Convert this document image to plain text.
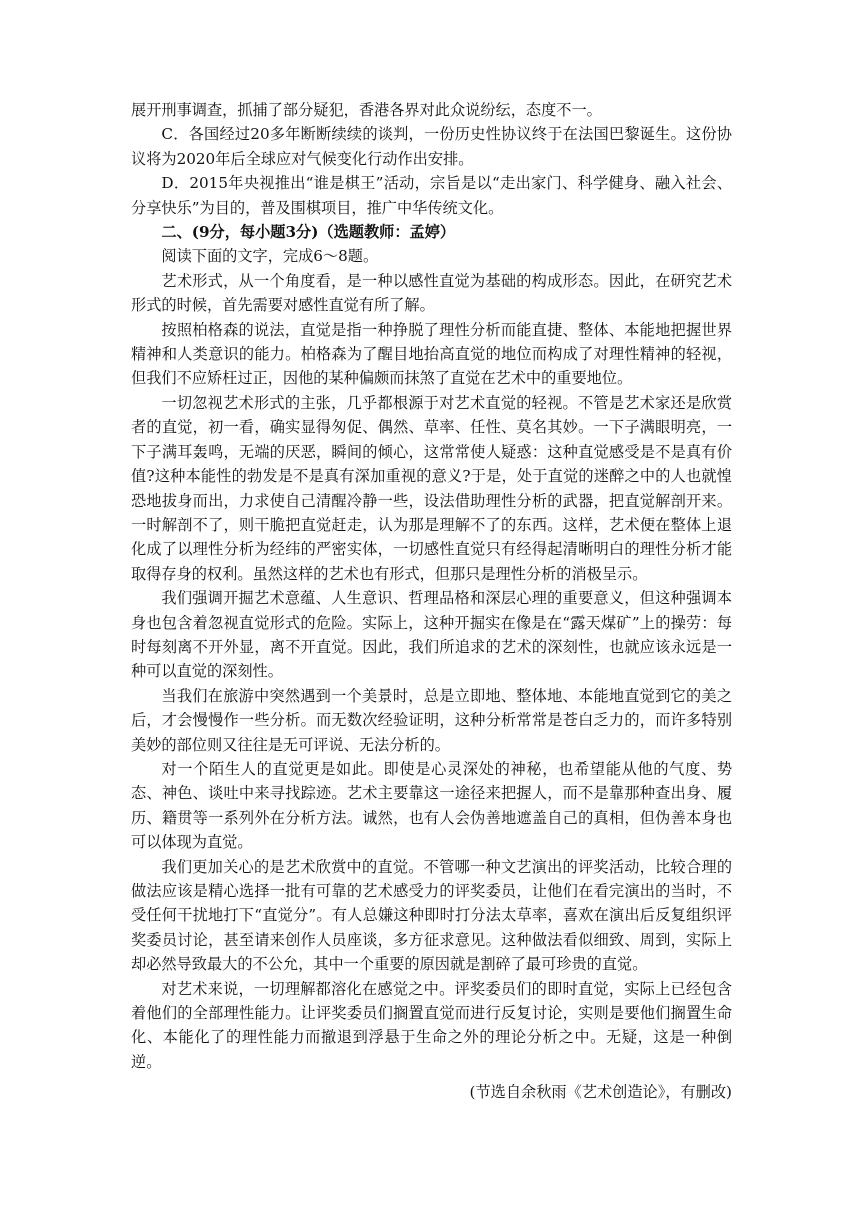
展开刑事调查，抓捕了部分疑犯，香港各界对此众说纷纭，态度不一。

C．各国经过20多年断断续续的谈判，一份历史性协议终于在法国巴黎诞生。这份协议将为2020年后全球应对气候变化行动作出安排。

D．2015年央视推出“谁是棋王”活动，宗旨是以“走出家门、科学健身、融入社会、分享快乐”为目的，普及围棋项目，推广中华传统文化。

二、(9分，每小题3分)（选题教师：孟婷）

阅读下面的文字，完成6～8题。

艺术形式，从一个角度看，是一种以感性直觉为基础的构成形态。因此，在研究艺术形式的时候，首先需要对感性直觉有所了解。

按照柏格森的说法，直觉是指一种挣脱了理性分析而能直捷、整体、本能地把握世界精神和人类意识的能力。柏格森为了醒目地抬高直觉的地位而构成了对理性精神的轻视，但我们不应矫枉过正，因他的某种偏颇而抹煞了直觉在艺术中的重要地位。

一切忽视艺术形式的主张，几乎都根源于对艺术直觉的轻视。不管是艺术家还是欣赏者的直觉，初一看，确实显得匆促、偶然、草率、任性、莫名其妙。一下子满眼明亮，一下子满耳轰鸣，无端的厌恶，瞬间的倾心，这常常使人疑惑：这种直觉感受是不是真有价值?这种本能性的勃发是不是真有深加重视的意义?于是，处于直觉的迷醉之中的人也就惶恐地拔身而出，力求使自己清醒冷静一些，设法借助理性分析的武器，把直觉解剖开来。一时解剖不了，则干脆把直觉赶走，认为那是理解不了的东西。这样，艺术便在整体上退化成了以理性分析为经纬的严密实体，一切感性直觉只有经得起清晰明白的理性分析才能取得存身的权利。虽然这样的艺术也有形式，但那只是理性分析的消极呈示。

我们强调开掘艺术意蕴、人生意识、哲理品格和深层心理的重要意义，但这种强调本身也包含着忽视直觉形式的危险。实际上，这种开掘实在像是在“露天煤矿”上的操劳：每时每刻离不开外显，离不开直觉。因此，我们所追求的艺术的深刻性，也就应该永远是一种可以直觉的深刻性。

当我们在旅游中突然遇到一个美景时，总是立即地、整体地、本能地直觉到它的美之后，才会慢慢作一些分析。而无数次经验证明，这种分析常常是苍白乏力的，而许多特别美妙的部位则又往往是无可评说、无法分析的。

对一个陌生人的直觉更是如此。即使是心灵深处的神秘，也希望能从他的气度、势态、神色、谈吐中来寻找踪迹。艺术主要靠这一途径来把握人，而不是靠那种查出身、履历、籍贯等一系列外在分析方法。诚然，也有人会伪善地遮盖自己的真相，但伪善本身也可以体现为直觉。

我们更加关心的是艺术欣赏中的直觉。不管哪一种文艺演出的评奖活动，比较合理的做法应该是精心选择一批有可靠的艺术感受力的评奖委员，让他们在看完演出的当时，不受任何干扰地打下“直觉分”。有人总嫌这种即时打分法太草率，喜欢在演出后反复组织评奖委员讨论，甚至请来创作人员座谈，多方征求意见。这种做法看似细致、周到，实际上却必然导致最大的不公允，其中一个重要的原因就是割碎了最可珍贵的直觉。

对艺术来说，一切理解都溶化在感觉之中。评奖委员们的即时直觉，实际上已经包含着他们的全部理性能力。让评奖委员们搁置直觉而进行反复讨论，实则是要他们搁置生命化、本能化了的理性能力而撤退到浮悬于生命之外的理论分析之中。无疑，这是一种倒逆。

(节选自余秋雨《艺术创造论》，有删改)
